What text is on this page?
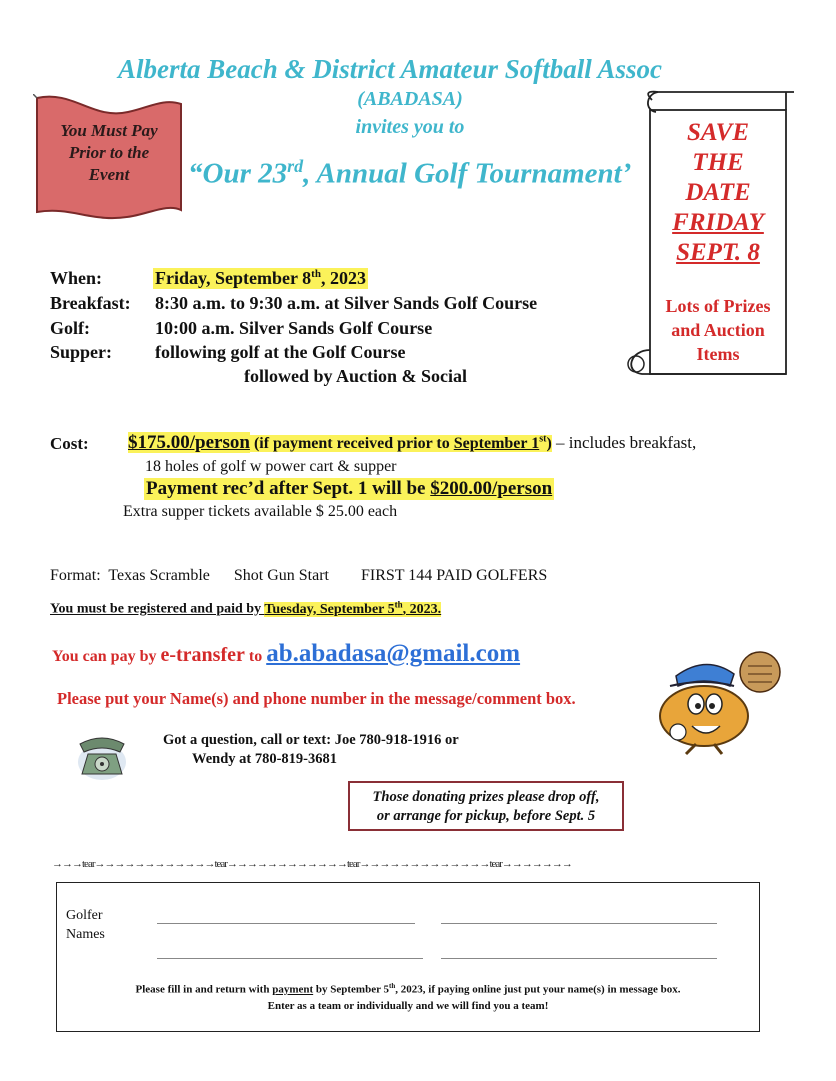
Alberta Beach & District Amateur Softball Assoc
(ABADASA)
invites you to
“Our 23rd, Annual Golf Tournament’
You Must Pay
Prior to the
Event
SAVE
THE
DATE
FRIDAY
SEPT. 8
Lots of Prizes
and Auction
Items
When:	Friday, September 8th, 2023
Breakfast: 8:30 a.m. to 9:30 a.m. at Silver Sands Golf Course
Golf:	10:00 a.m. Silver Sands Golf Course
Supper: following golf at the Golf Course
followed by Auction & Social
Cost: $175.00/person (if payment received prior to September 1st) – includes breakfast,
18 holes of golf w power cart & supper
Payment rec’d after Sept. 1 will be $200.00/person
Extra supper tickets available $ 25.00 each
Format:  Texas Scramble      Shot Gun Start        FIRST 144 PAID GOLFERS
You must be registered and paid by Tuesday, September 5th, 2023.
You can pay by e-transfer to ab.abadasa@gmail.com
Please put your Name(s) and phone number in the message/comment box.
Got a question, call or text: Joe 780-918-1916 or
Wendy at 780-819-3681
Those donating prizes please drop off,
or arrange for pickup, before Sept. 5
→→→tear→→→→→→→→→→→→tear→→→→→→→→→→→→tear→→→→→→→→→→→→→tear→→→→→→→
Golfer
Names
Please fill in and return with payment by September 5th, 2023, if paying online just put your name(s) in message box.
Enter as a team or individually and we will find you a team!
